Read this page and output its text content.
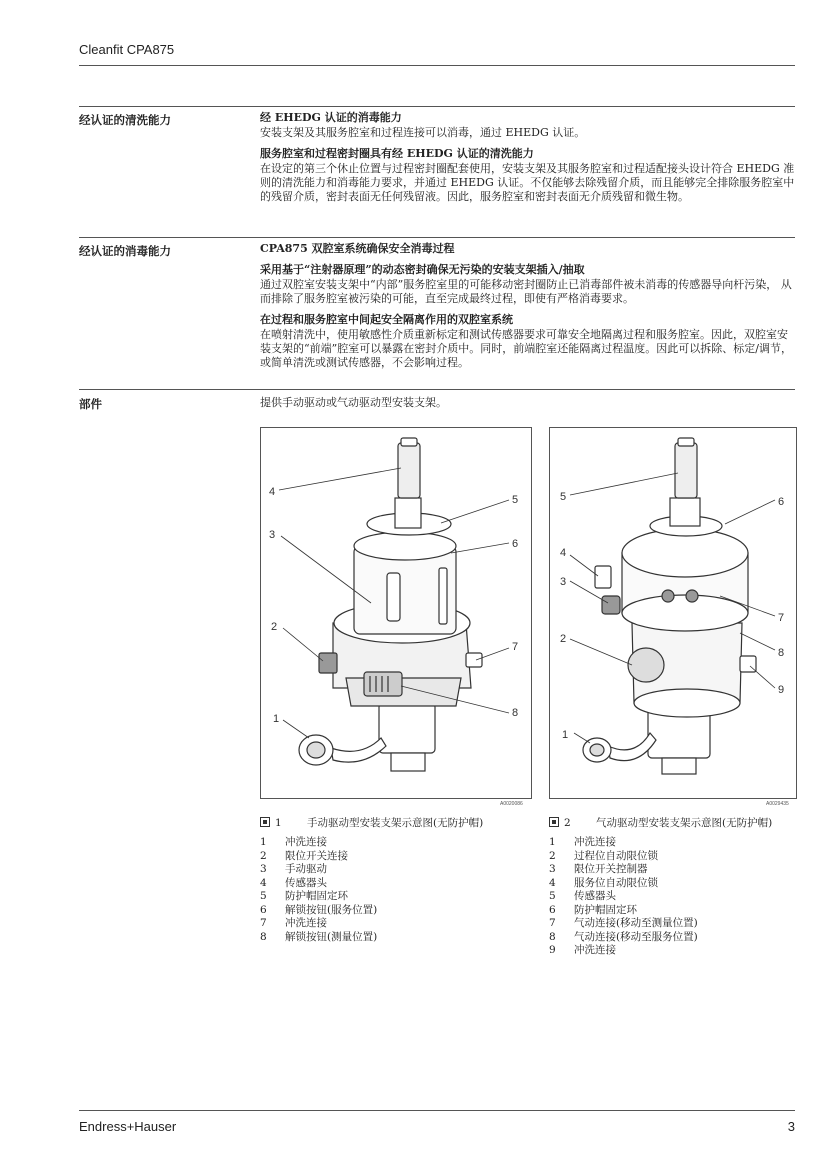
Cleanfit CPA875
经认证的清洗能力	经 EHEDG 认证的消毒能力

安装支架及其服务腔室和过程连接可以消毒，通过 EHEDG 认证。

服务腔室和过程密封圈具有经 EHEDG 认证的清洗能力

在设定的第三个休止位置与过程密封圈配套使用，安装支架及其服务腔室和过程适配接头设计符合 EHEDG 准则的清洗能力和消毒能力要求，并通过 EHEDG 认证。不仅能够去除残留介质，而且能够完全排除服务腔室中的残留介质，密封表面无任何残留液。因此，服务腔室和密封表面无介质残留和微生物。

经认证的消毒能力	CPA875 双腔室系统确保安全消毒过程
采用基于“注射器原理”的动态密封确保无污染的安装支架插入/抽取

通过双腔室安装支架中“内部”服务腔室里的可能移动密封圈防止已消毒部件被未消毒的传感器导向杆污染， 从而排除了服务腔室被污染的可能，直至完成最终过程，即使有严格消毒要求。

在过程和服务腔室中间起安全隔离作用的双腔室系统

在喷射清洗中，使用敏感性介质重新标定和测试传感器要求可靠安全地隔离过程和服务腔室。因此，双腔室安装支架的“前端”腔室可以暴露在密封介质中。同时，前端腔室还能隔离过程温度。因此可以拆除、标定/调节，或简单清洗或测试传感器，不会影响过程。

部件	提供手动驱动或气动驱动型安装支架。

4
5
3
6
2
7
1	8
A0020086
1 手动驱动型安装支架示意图(无防护帽)
1	冲洗连接
2	限位开关连接
3	手动驱动
4	传感器头
5	防护帽固定环
6	解锁按钮(服务位置)
7	冲洗连接
8	解锁按钮(测量位置)
5	6
4
3
7
2
8
9
1
A0029435
2 气动驱动型安装支架示意图(无防护帽)
1	冲洗连接
2	过程位自动限位锁
3	限位开关控制器
4	服务位自动限位锁
5	传感器头
6	防护帽固定环
7	气动连接(移动至测量位置)
8	气动连接(移动至服务位置)
9	冲洗连接
Endress+Hauser	3
